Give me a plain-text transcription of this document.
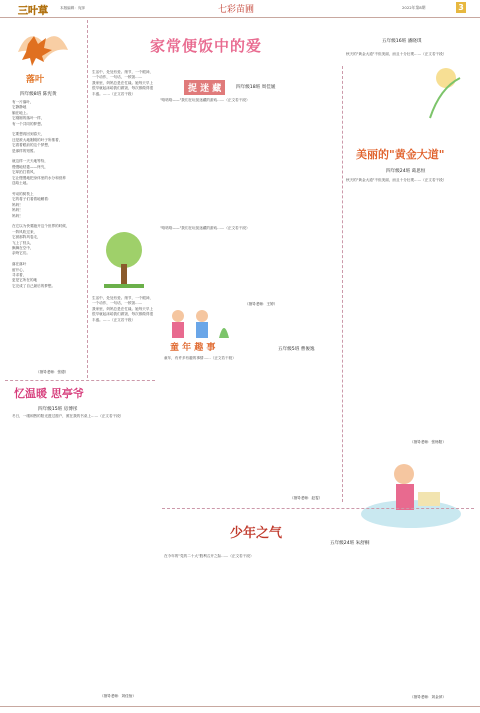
三叶草	本版编辑：宛萍	七彩苗圃	2022年第8期	3
家常便饭中的爱	五年级16班 潘晓琪
落叶
四年级8班 陈宪黄
有一片落叶，
它静静地
躺在地上。
它刚刚的落叶一样，
有一个共同的梦想。

它要想再回到春天，
还是被大地刚刚的叶子所推着，
它看着眼前的这个梦想，
是那样的短暂。

就这样一天天地等待，
慢慢地枯萎——终究，
它却拍打着风，
它让慢慢地把身体里的水分和营养
送给土地。

劳动的树枝上
它的将子们看着地睡着：
妈妈！
妈妈！
妈妈！

在它以为快要跑开这个世界的时候，
一阵风吹过来，
它被那阵风卷走，
飞上了枝头，
飘舞在空中，
亲吻它们。

落在落叶
留开心，
寻求着，
更是它所在的地
它完成了自己最后的梦想。
（指导老师：张德）
忆温暖 思亭爷
四年级15班 房博彤
冬日，一缕和煦的阳光透过窗户，照在我的书桌上……（正文若干段）
（指导老师：刘佳怡）
生活中，处处有爱。细节，一个眼神，一个动作，一句话，一顿饭……
我家里，妈妈总是在忙碌。她每天早上很早就起床给我们做饭，每次都做得很丰盛。……（正文若干段）
生活中，处处有爱。细节，一个眼神，一个动作，一句话，一顿饭……
我家里，妈妈总是在忙碌。她每天早上很早就起床给我们做饭，每次都做得很丰盛。……（正文若干段）
捉 迷 藏	四年级18班 周佳媛
"咯咯咯——"我们在玩捉迷藏的游戏……（正文若干段）
"咯咯咯——"我们在玩捉迷藏的游戏……（正文若干段）
（指导老师：王婷）
童 年 趣 事	五年级5班 曹俊逸
童年，有许多有趣的事情……（正文若干段）
（指导老师：赵雯）
秋天的"黄金大道"不但美丽，而且十分壮观……（正文若干段）
美丽的"黄金大道"
四年级24班 葛思恒
秋天的"黄金大道"不但美丽，而且十分壮观……（正文若干段）
（指导老师：张杨阳）
少年之气
五年级24班 朱舒桐
在今年的"党的二十大"胜利召开之际……（正文若干段）
（指导老师：刘金萍）
